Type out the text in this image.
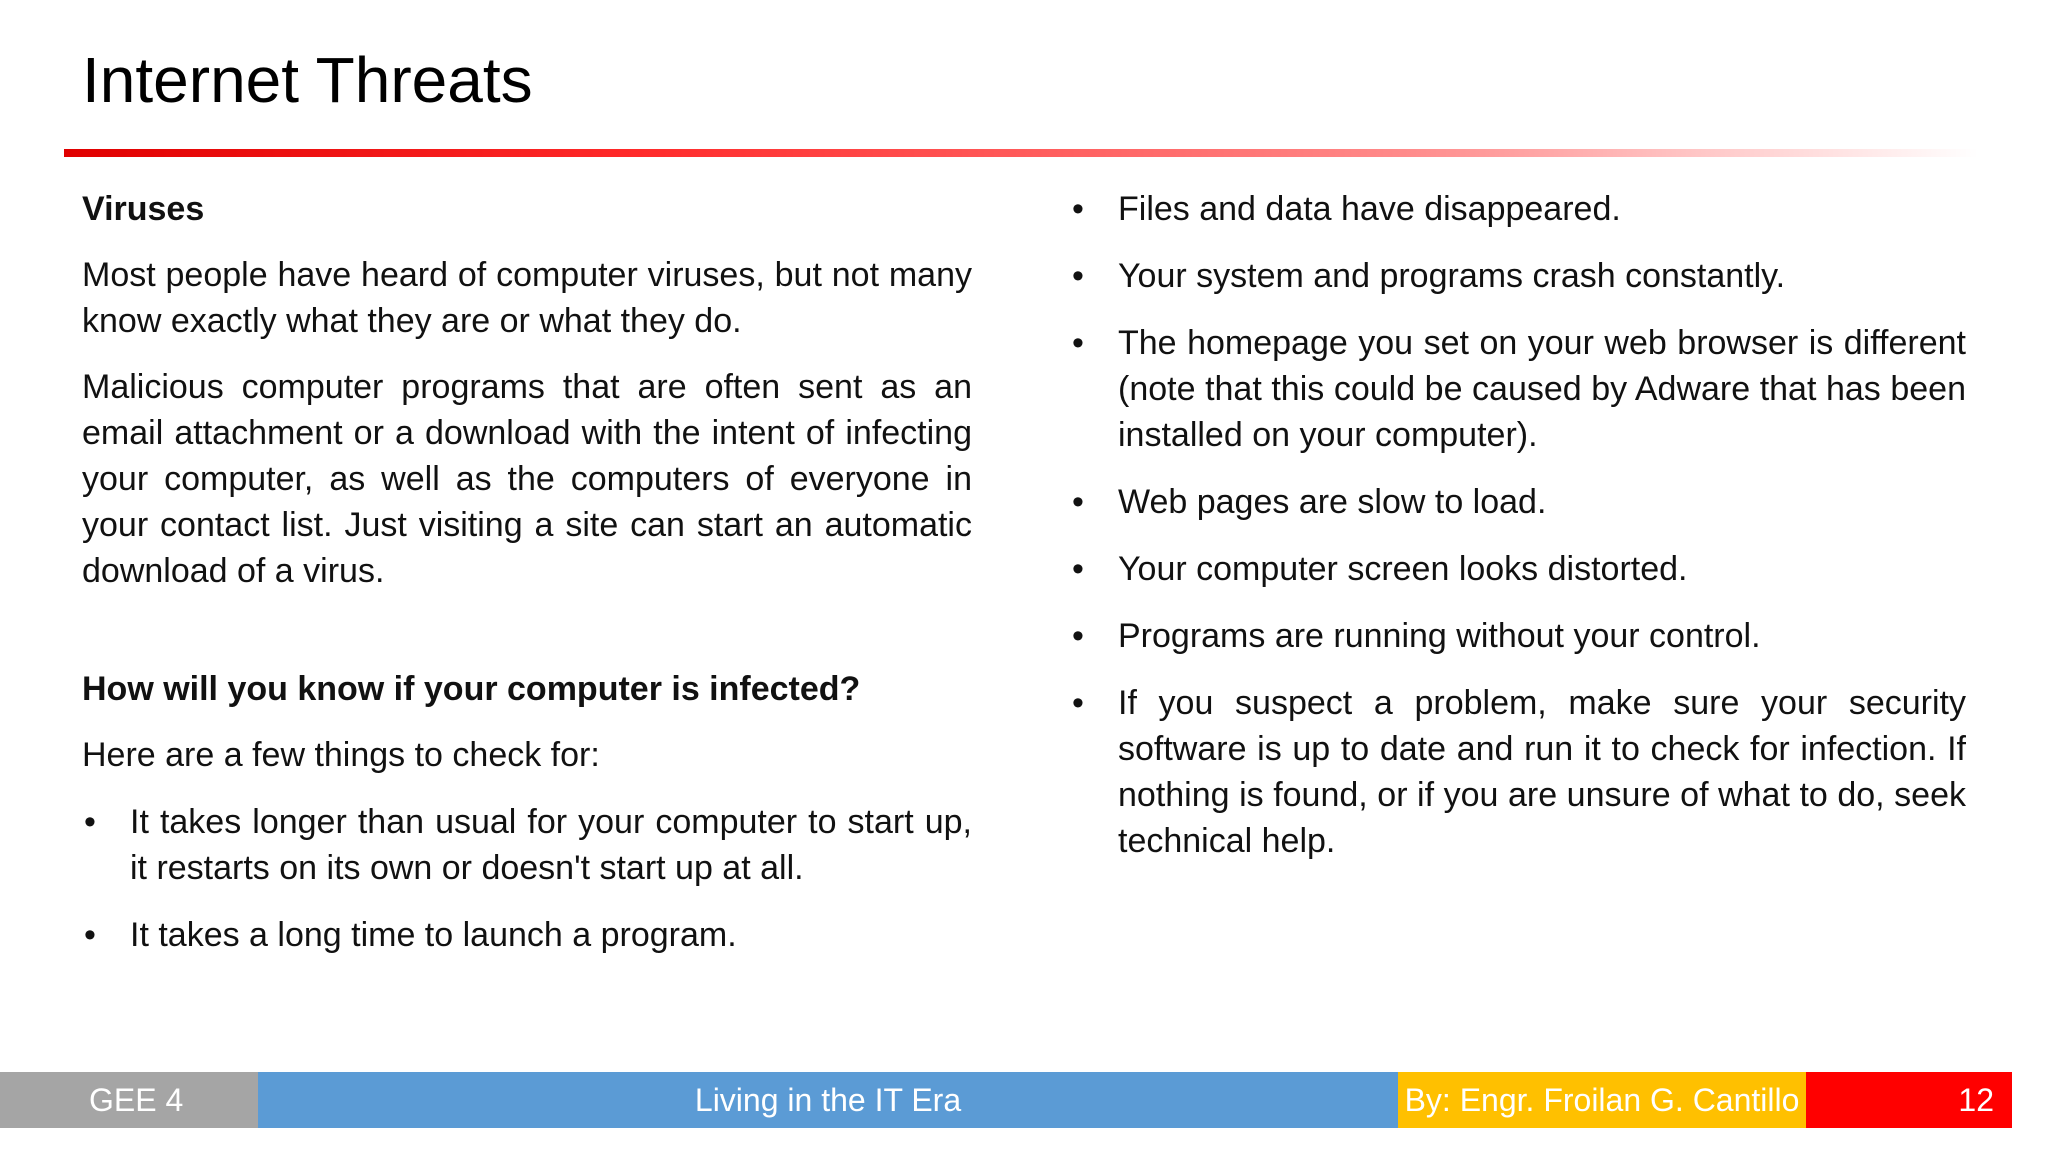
Internet Threats
Viruses

Most people have heard of computer viruses, but not many know exactly what they are or what they do.

Malicious computer programs that are often sent as an email attachment or a download with the intent of infecting your computer, as well as the computers of everyone in your contact list. Just visiting a site can start an automatic download of a virus.

How will you know if your computer is infected?

Here are a few things to check for:

• It takes longer than usual for your computer to start up, it restarts on its own or doesn't start up at all.
• It takes a long time to launch a program.
• Files and data have disappeared.
• Your system and programs crash constantly.
• The homepage you set on your web browser is different (note that this could be caused by Adware that has been installed on your computer).
• Web pages are slow to load.
• Your computer screen looks distorted.
• Programs are running without your control.
• If you suspect a problem, make sure your security software is up to date and run it to check for infection. If nothing is found, or if you are unsure of what to do, seek technical help.
GEE 4	Living in the IT Era	By: Engr. Froilan G. Cantillo	12
